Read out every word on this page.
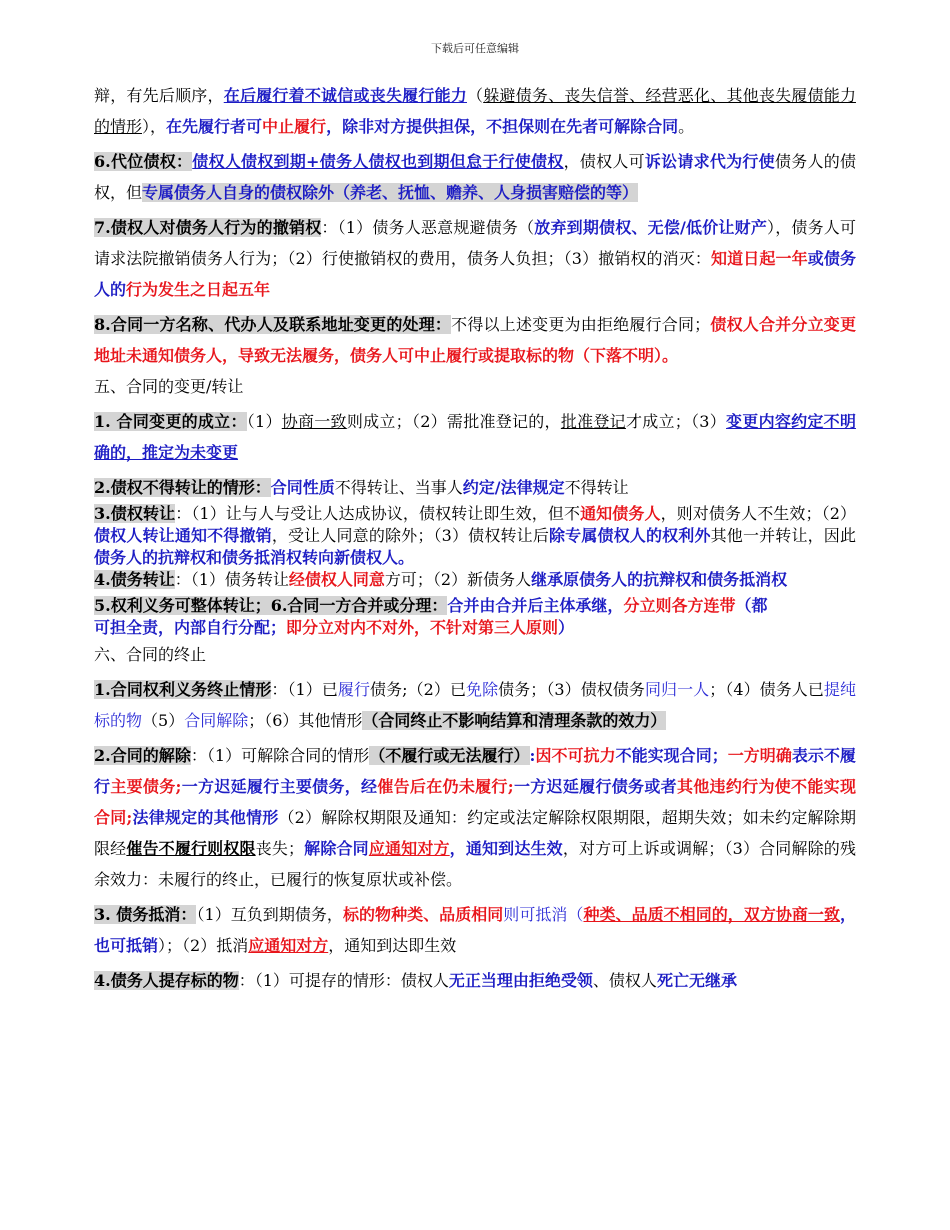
下载后可任意编辑

辩，有先后顺序，在后履行着不诚信或丧失履行能力（躲避债务、丧失信誉、经营恶化、其他丧失履债能力的情形），在先履行者可中止履行，除非对方提供担保，不担保则在先者可解除合同。

6.代位债权：债权人债权到期+债务人债权也到期但怠于行使债权，债权人可诉讼请求代为行使债务人的债权，但专属债务人自身的债权除外（养老、抚恤、赡养、人身损害赔偿的等）

7.债权人对债务人行为的撤销权：（1）债务人恶意规避债务（放弃到期债权、无偿/低价让财产），债务人可请求法院撤销债务人行为；（2）行使撤销权的费用，债务人负担；（3）撤销权的消灭：知道日起一年或债务人的行为发生之日起五年

8.合同一方名称、代办人及联系地址变更的处理：不得以上述变更为由拒绝履行合同；债权人合并分立变更地址未通知债务人，导致无法履务，债务人可中止履行或提取标的物（下落不明）。

五、合同的变更/转让

1. 合同变更的成立：（1）协商一致则成立；（2）需批准登记的，批准登记才成立；（3）变更内容约定不明确的，推定为未变更

2.债权不得转让的情形：合同性质不得转让、当事人约定/法律规定不得转让

3.债权转让：（1）让与人与受让人达成协议，债权转让即生效，但不通知债务人，则对债务人不生效；（2）债权人转让通知不得撤销，受让人同意的除外；（3）债权转让后除专属债权人的权利外其他一并转让，因此债务人的抗辩权和债务抵消权转向新债权人。

4.债务转让：（1）债务转让经债权人同意方可；（2）新债务人继承原债务人的抗辩权和债务抵消权

5.权利义务可整体转让；6.合同一方合并或分理：合并由合并后主体承继，分立则各方连带（都
可担全责，内部自行分配；即分立对内不对外，不针对第三人原则）

六、合同的终止

1.合同权利义务终止情形：（1）已履行债务;（2）已免除债务；（3）债权债务同归一人；（4）债务人已提纯标的物（5）合同解除；（6）其他情形（合同终止不影响结算和清理条款的效力）

2.合同的解除：（1）可解除合同的情形（不履行或无法履行）:因不可抗力不能实现合同；一方明确表示不履行主要债务;一方迟延履行主要债务，经催告后在仍未履行;一方迟延履行债务或者其他违约行为使不能实现合同;法律规定的其他情形（2）解除权期限及通知：约定或法定解除权限期限，超期失效；如未约定解除期限经催告不履行则权限丧失；解除合同应通知对方，通知到达生效，对方可上诉或调解；（3）合同解除的残余效力：未履行的终止，已履行的恢复原状或补偿。

3. 债务抵消：（1）互负到期债务，标的物种类、品质相同则可抵消（种类、品质不相同的，双方协商一致，也可抵销）；（2）抵消应通知对方，通知到达即生效

4.债务人提存标的物：（1）可提存的情形：债权人无正当理由拒绝受领、债权人死亡无继承
